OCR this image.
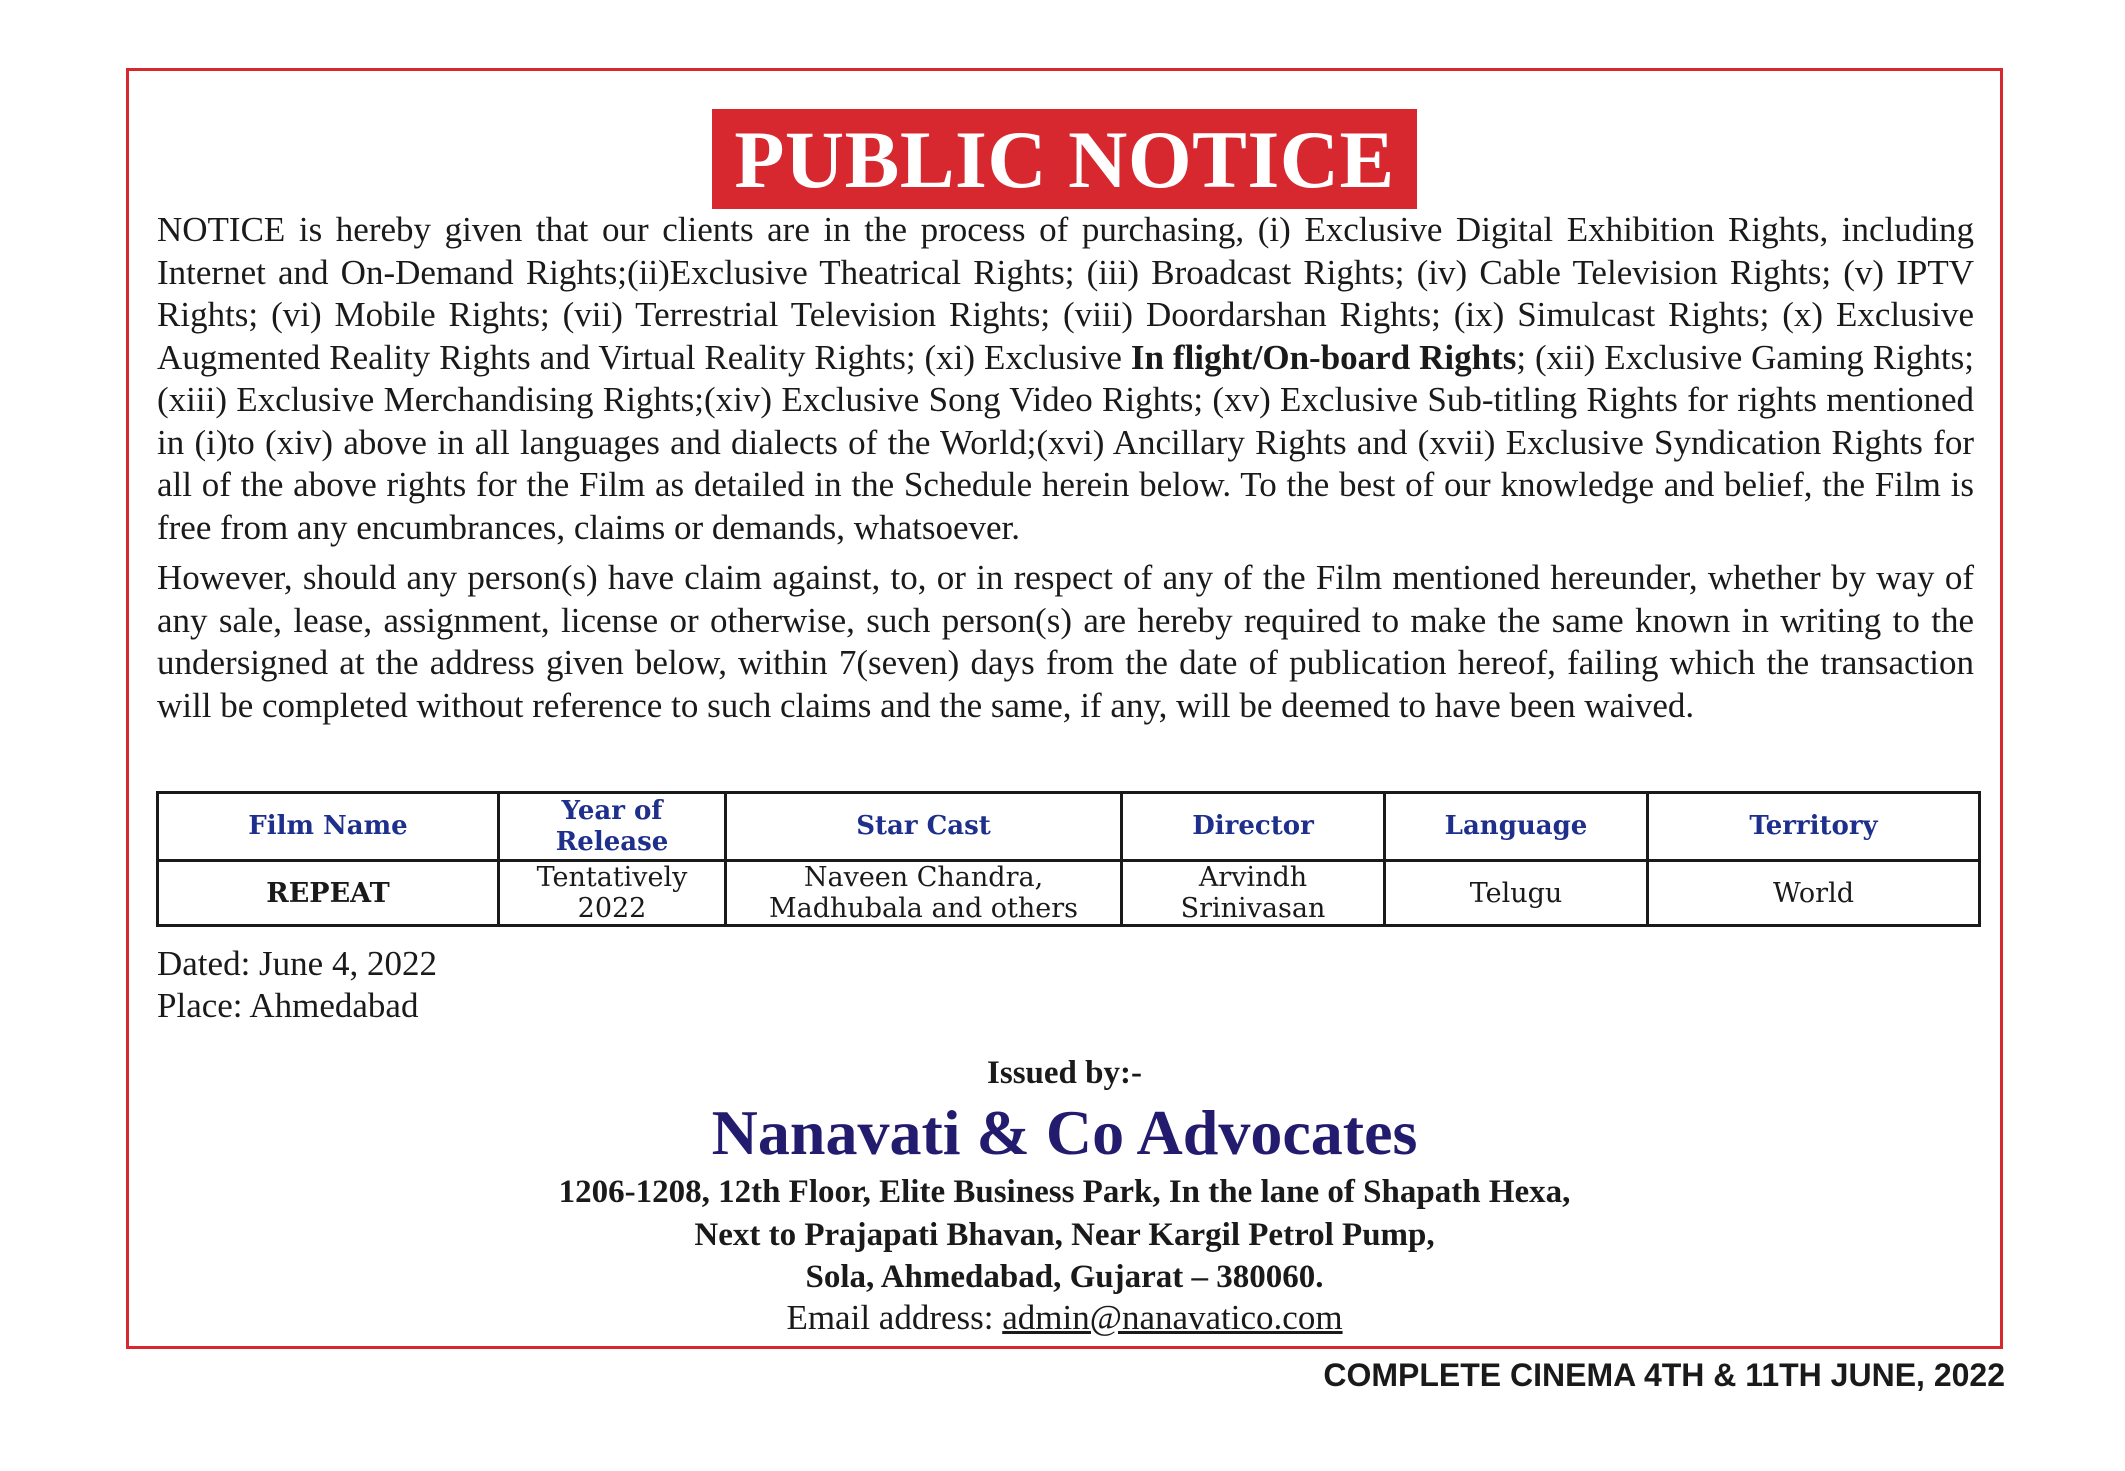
PUBLIC NOTICE

NOTICE is hereby given that our clients are in the process of purchasing, (i) Exclusive Digital Exhibition Rights, including Internet and On-Demand Rights;(ii)Exclusive Theatrical Rights; (iii) Broadcast Rights; (iv) Cable Television Rights; (v) IPTV Rights; (vi) Mobile Rights; (vii) Terrestrial Television Rights; (viii) Doordarshan Rights; (ix) Simulcast Rights; (x) Exclusive Augmented Reality Rights and Virtual Reality Rights; (xi) Exclusive In flight/On-board Rights; (xii) Exclusive Gaming Rights; (xiii) Exclusive Merchandising Rights;(xiv) Exclusive Song Video Rights; (xv) Exclusive Sub-titling Rights for rights mentioned in (i)to (xiv) above in all languages and dialects of the World;(xvi) Ancillary Rights and (xvii) Exclusive Syndication Rights for all of the above rights for the Film as detailed in the Schedule herein below. To the best of our knowledge and belief, the Film is free from any encumbrances, claims or demands, whatsoever.

However, should any person(s) have claim against, to, or in respect of any of the Film mentioned hereunder, whether by way of any sale, lease, assignment, license or otherwise, such person(s) are hereby required to make the same known in writing to the undersigned at the address given below, within 7(seven) days from the date of publication hereof, failing which the transaction will be completed without reference to such claims and the same, if any, will be deemed to have been waived.

Film Name	Year of Release	Star Cast	Director	Language	Territory
REPEAT	Tentatively 2022	Naveen Chandra, Madhubala and others	Arvindh Srinivasan	Telugu	World
Dated: June 4, 2022
Place: Ahmedabad
Issued by:-
Nanavati & Co Advocates
1206-1208, 12th Floor, Elite Business Park, In the lane of Shapath Hexa,
Next to Prajapati Bhavan, Near Kargil Petrol Pump,
Sola, Ahmedabad, Gujarat – 380060.
Email address: admin@nanavatico.com
COMPLETE CINEMA 4TH & 11TH JUNE, 2022
